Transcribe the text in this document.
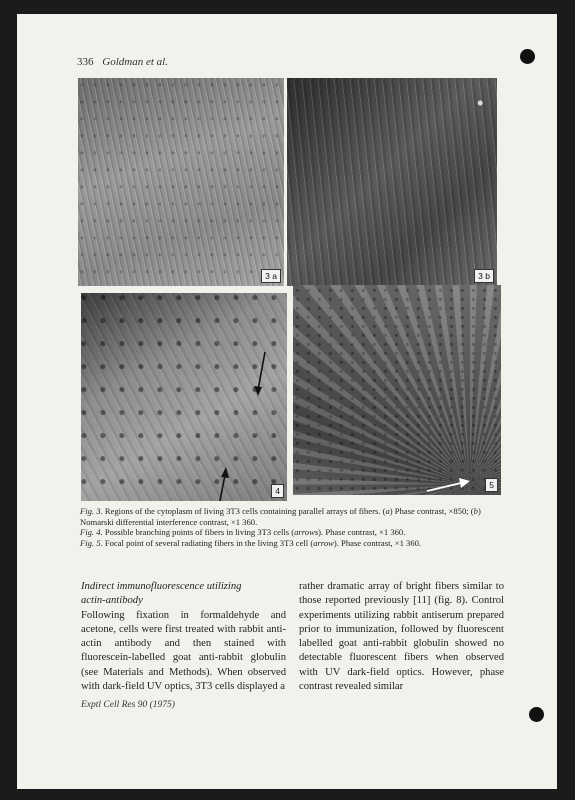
336 Goldman et al.
3 a	3 b
4
5

Fig. 3. Regions of the cytoplasm of living 3T3 cells containing parallel arrays of fibers. (a) Phase contrast, ×850; (b) Nomarski differential interference contrast, ×1 360.

Fig. 4. Possible branching points of fibers in living 3T3 cells (arrows). Phase contrast, ×1 360.

Fig. 5. Focal point of several radiating fibers in the living 3T3 cell (arrow). Phase contrast, ×1 360.

Indirect immunofluorescence utilizing
actin-antibody

Following fixation in formaldehyde and acetone, cells were first treated with rabbit anti-actin antibody and then stained with fluorescein-labelled goat anti-rabbit globulin (see Materials and Methods). When observed with dark-field UV optics, 3T3 cells displayed a

rather dramatic array of bright fibers similar to those reported previously [11] (fig. 8). Control experiments utilizing rabbit antiserum prepared prior to immunization, followed by fluorescent labelled goat anti-rabbit globulin showed no detectable fluorescent fibers when observed with UV dark-field optics. However, phase contrast revealed similar

Exptl Cell Res 90 (1975)
